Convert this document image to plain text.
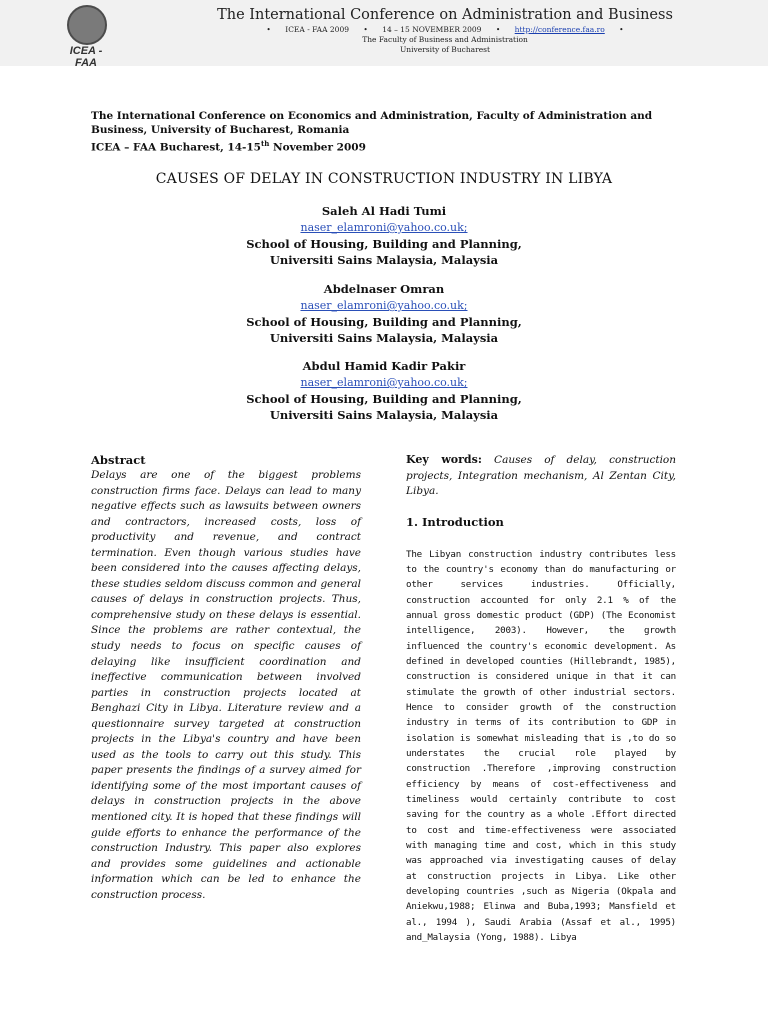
ICEA - FAA
The International Conference on Administration and Business
• ICEA - FAA 2009 • 14 – 15 NOVEMBER 2009 • http://conference.faa.ro •
The Faculty of Business and Administration
University of Bucharest
The International Conference on Economics and Administration, Faculty of Administration and
Business, University of Bucharest, Romania
ICEA – FAA Bucharest, 14-15th November 2009
CAUSES OF DELAY IN CONSTRUCTION INDUSTRY IN LIBYA
Saleh Al Hadi Tumi
naser_elamroni@yahoo.co.uk;
School of Housing, Building and Planning,
Universiti Sains Malaysia, Malaysia
Abdelnaser Omran
naser_elamroni@yahoo.co.uk;
School of Housing, Building and Planning,
Universiti Sains Malaysia, Malaysia
Abdul Hamid Kadir Pakir
naser_elamroni@yahoo.co.uk;
School of Housing, Building and Planning,
Universiti Sains Malaysia, Malaysia

Abstract

Delays are one of the biggest problems construction firms face. Delays can lead to many negative effects such as lawsuits between owners and contractors, increased costs, loss of productivity and revenue, and contract termination. Even though various studies have been considered into the causes affecting delays, these studies seldom discuss common and general causes of delays in construction projects. Thus, comprehensive study on these delays is essential. Since the problems are rather contextual, the study needs to focus on specific causes of delaying like insufficient coordination and ineffective communication between involved parties in construction projects located at Benghazi City in Libya. Literature review and a questionnaire survey targeted at construction projects in the Libya's country and have been used as the tools to carry out this study. This paper presents the findings of a survey aimed for identifying some of the most important causes of delays in construction projects in the above mentioned city. It is hoped that these findings will guide efforts to enhance the performance of the construction Industry. This paper also explores and provides some guidelines and actionable information which can be led to enhance the construction process.

Key words: Causes of delay, construction projects, Integration mechanism, Al Zentan City, Libya.

1. Introduction

The Libyan construction industry contributes less to the country's economy than do manufacturing or other services industries. Officially, construction accounted for only 2.1 % of the annual gross domestic product (GDP) (The Economist intelligence, 2003). However, the growth influenced the country's economic development. As defined in developed counties (Hillebrandt, 1985), construction is considered unique in that it can stimulate the growth of other industrial sectors. Hence to consider growth of the construction industry in terms of its contribution to GDP in isolation is somewhat misleading that is ,to do so understates the crucial role played by construction .Therefore ,improving construction efficiency by means of cost-effectiveness and timeliness would certainly contribute to cost saving for the country as a whole .Effort directed to cost and time-effectiveness were associated with managing time and cost, which in this study was approached via investigating causes of delay at construction projects in Libya. Like other developing countries ,such as Nigeria (Okpala and Aniekwu,1988; Elinwa and Buba,1993; Mansfield et al., 1994 ), Saudi Arabia (Assaf et al., 1995) and_Malaysia (Yong, 1988). Libya
